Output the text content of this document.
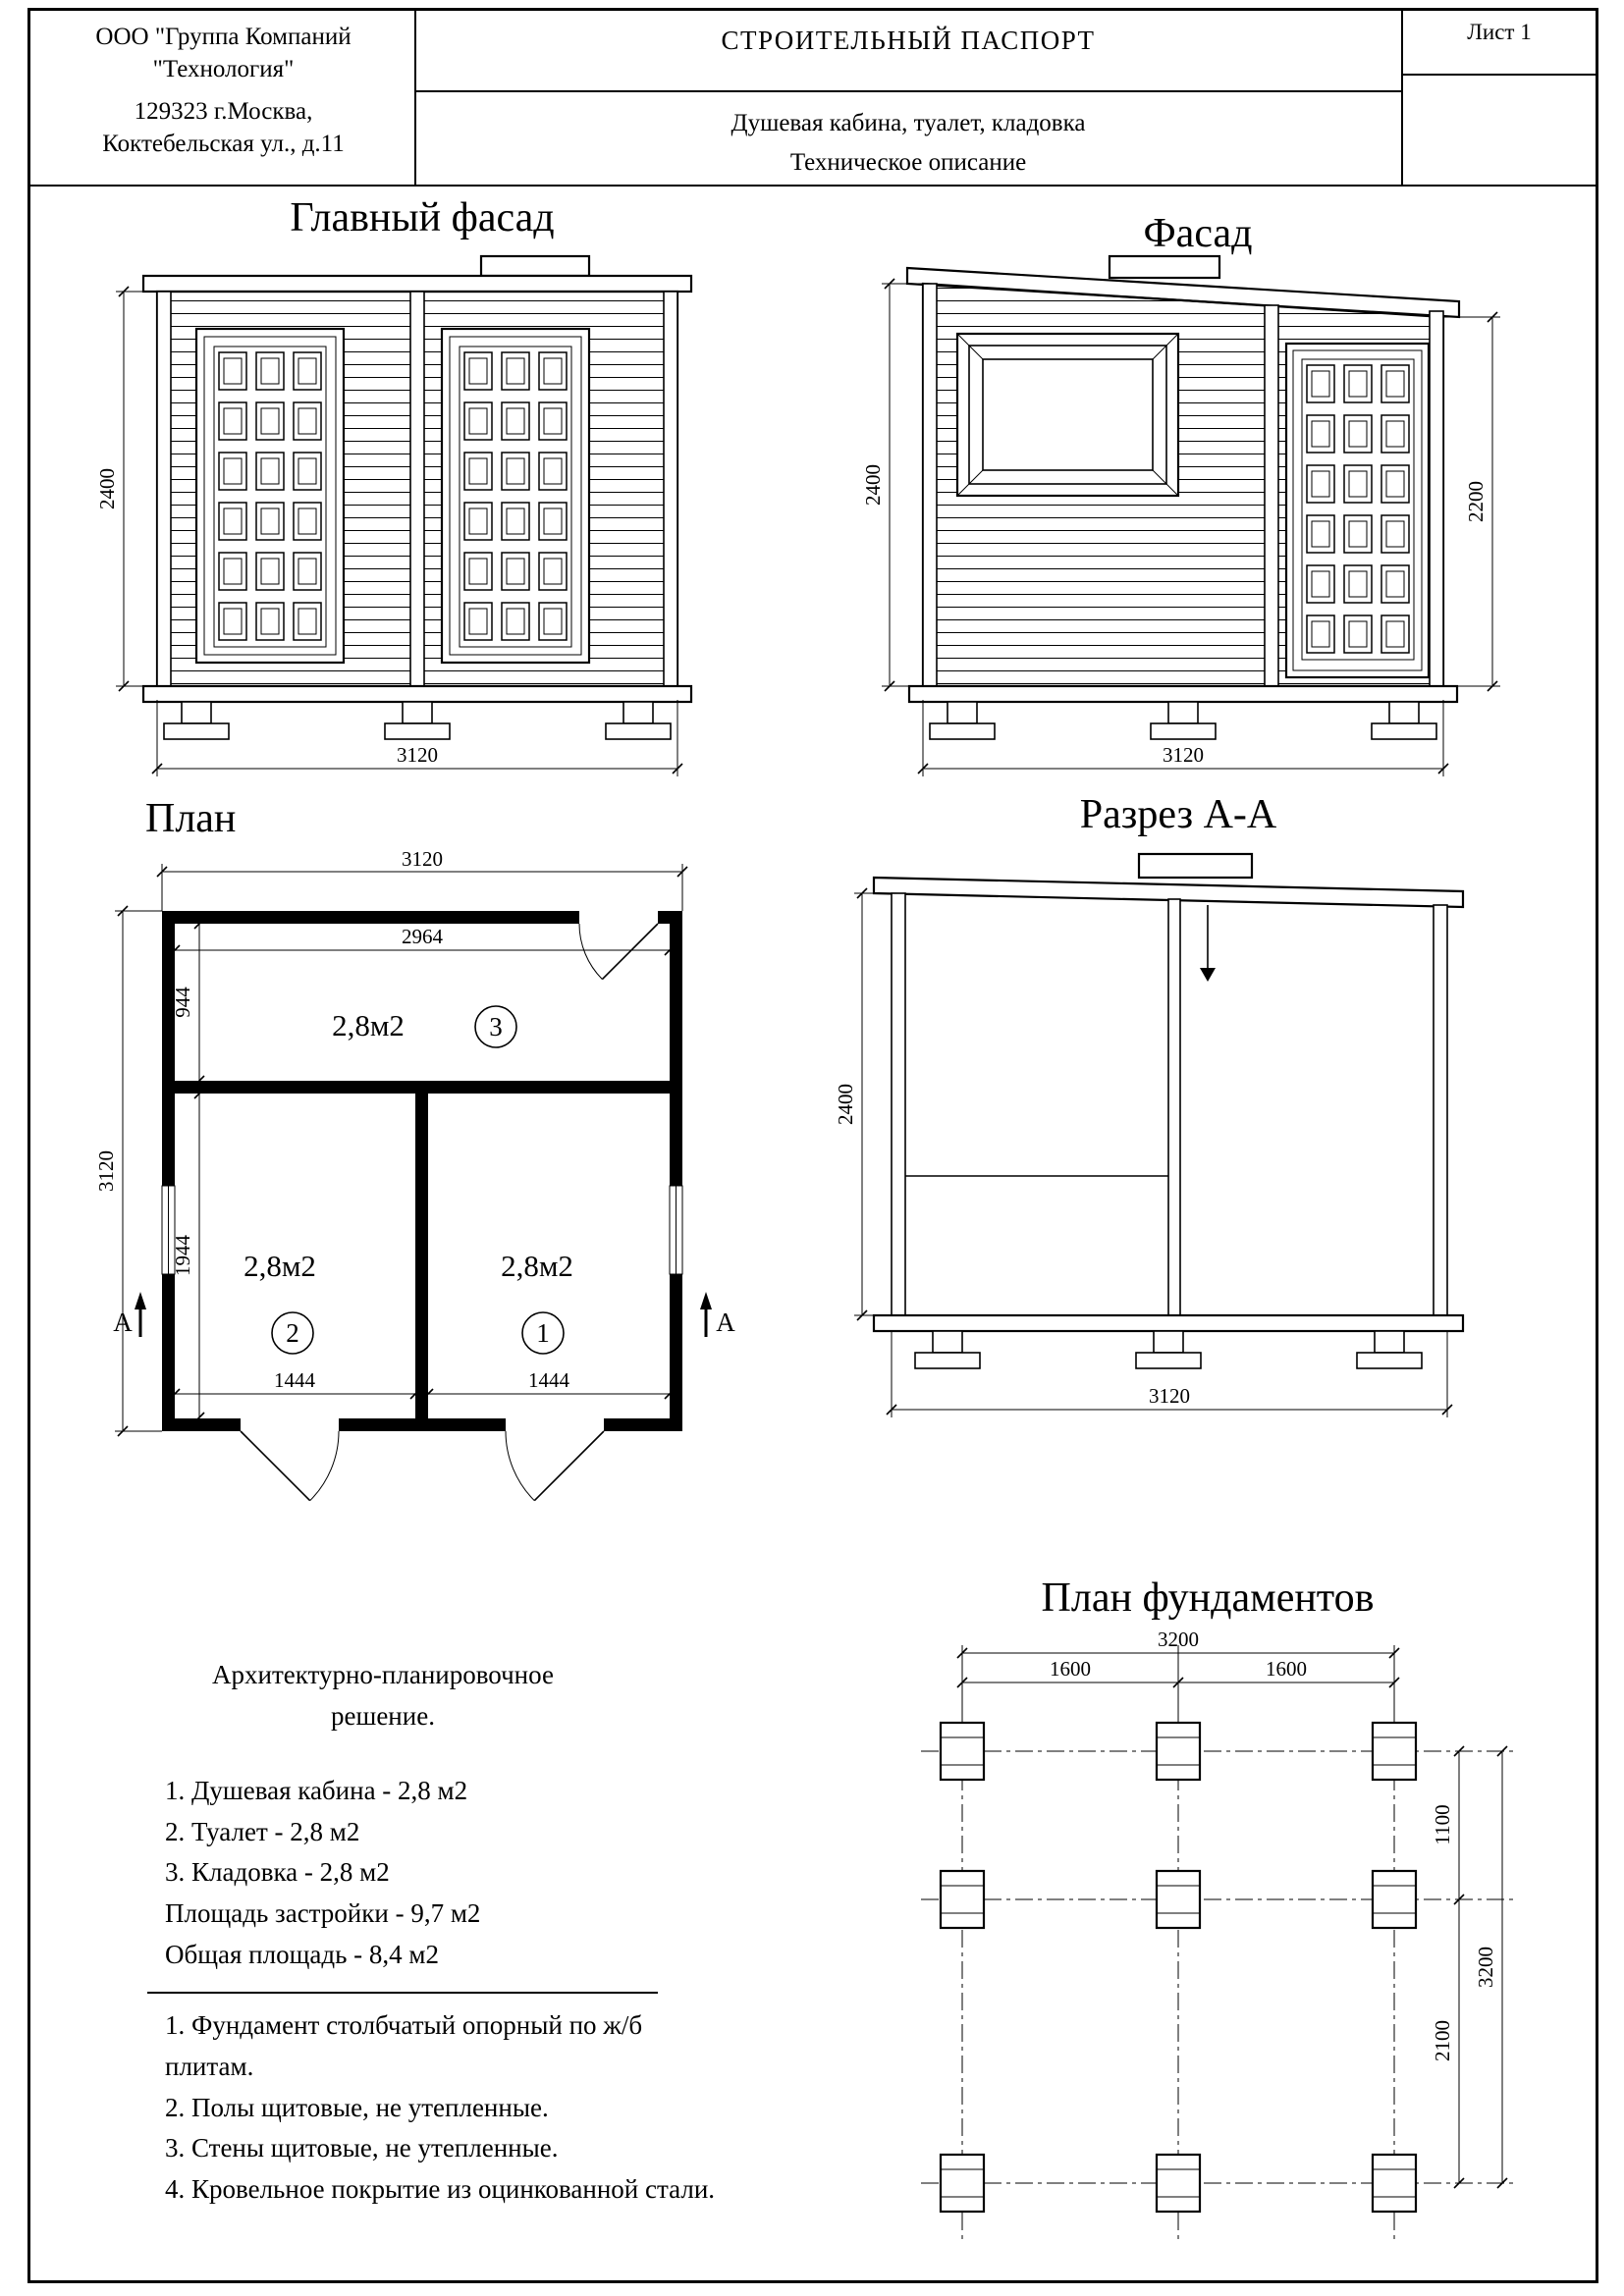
ООО "Группа Компаний
"Технология"
129323 г.Москва,
Коктебельская ул., д.11
СТРОИТЕЛЬНЫЙ ПАСПОРТ
Душевая кабина, туалет, кладовка
Техническое описание
Лист 1
Главный фасад	Фасад
План	Разрез А-А
План фундаментов
2400
3120
2400	2200
3120
2,8м2	3
2,8м2
2
2,8м2
1
А	А
3120
2964
944
1944
3120
1444	1444
2400
3120
3200
1600	1600
1100
2100
3200
Архитектурно-планировочное
решение.
1. Душевая кабина - 2,8 м2
2. Туалет - 2,8 м2
3. Кладовка - 2,8 м2
Площадь застройки - 9,7 м2
Общая площадь - 8,4 м2
1. Фундамент столбчатый опорный по ж/б плитам.
2. Полы щитовые, не утепленные.
3. Стены щитовые, не утепленные.
4. Кровельное покрытие из оцинкованной стали.
